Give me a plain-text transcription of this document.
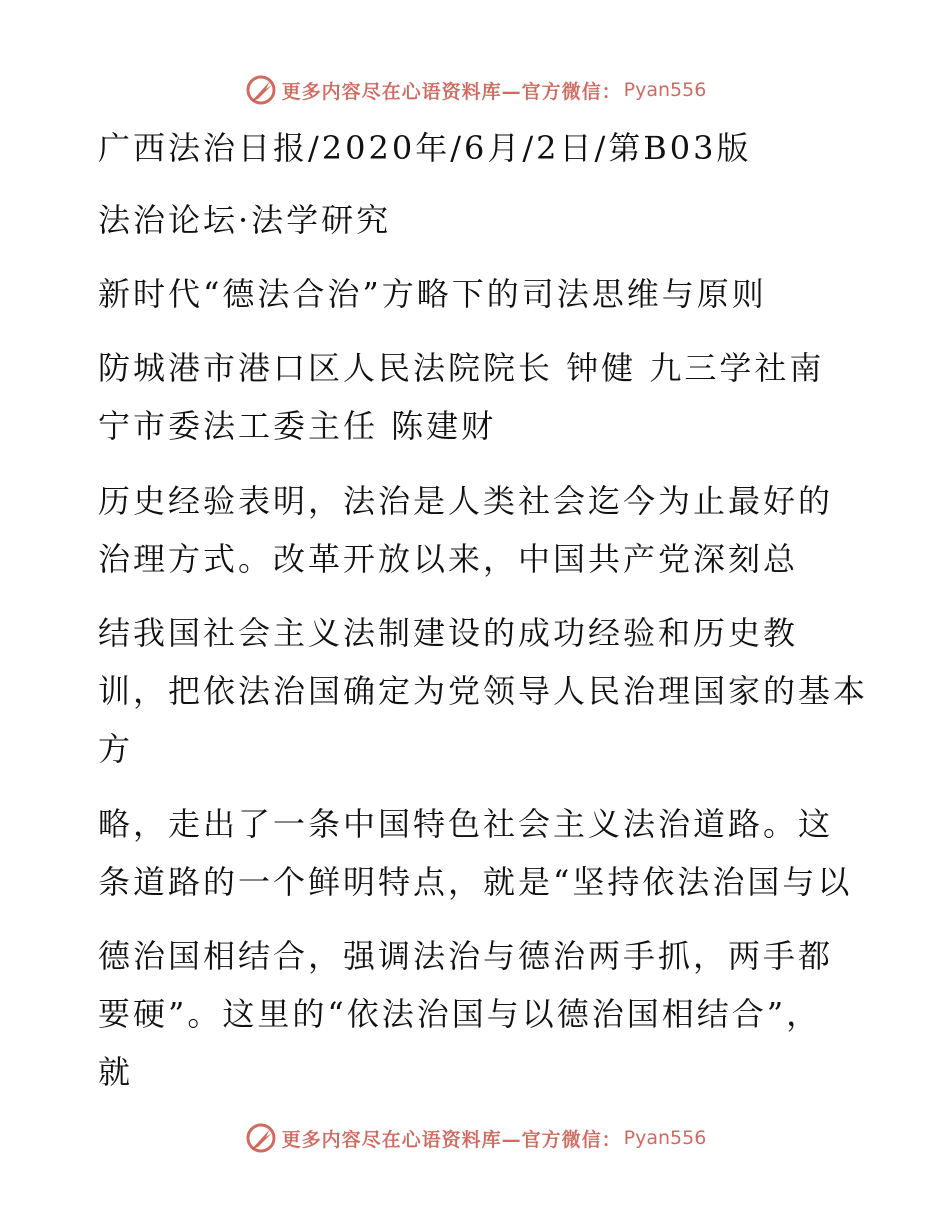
更多内容尽在心语资料库—官方微信： Pyan556
广西法治日报/2020年/6月/2日/第B03版
法治论坛·法学研究
新时代“德法合治”方略下的司法思维与原则
防城港市港口区人民法院院长 钟健 九三学社南
宁市委法工委主任 陈建财
历史经验表明，法治是人类社会迄今为止最好的
治理方式。改革开放以来，中国共产党深刻总
结我国社会主义法制建设的成功经验和历史教
训，把依法治国确定为党领导人民治理国家的基本
方
略，走出了一条中国特色社会主义法治道路。这
条道路的一个鲜明特点，就是“坚持依法治国与以
德治国相结合，强调法治与德治两手抓，两手都
要硬”。这里的“依法治国与以德治国相结合”，
就
更多内容尽在心语资料库—官方微信： Pyan556
